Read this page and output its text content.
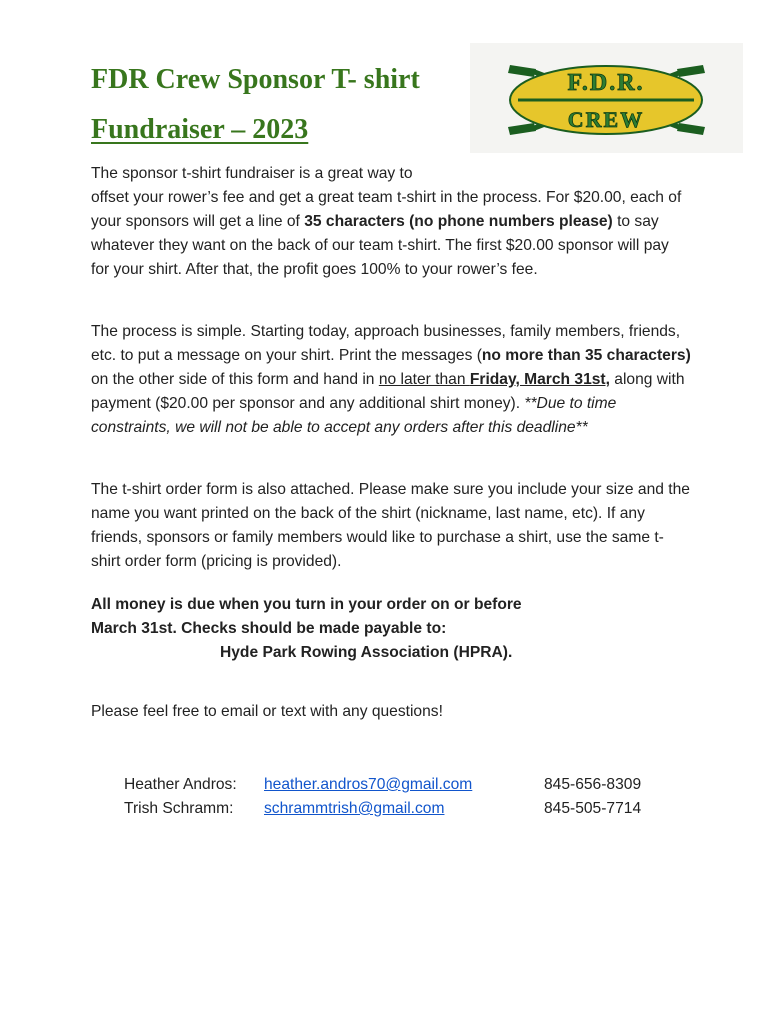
FDR Crew Sponsor T- shirt
Fundraiser – 2023
F.D.R.
CREW
The sponsor t-shirt fundraiser is a great way to
offset your rower’s fee and get a great team t-shirt in the process. For $20.00, each of your sponsors will get a line of 35 characters (no phone numbers please) to say whatever they want on the back of our team t-shirt. The first $20.00 sponsor will pay for your shirt. After that, the profit goes 100% to your rower’s fee.
The process is simple. Starting today, approach businesses, family members, friends, etc. to put a message on your shirt. Print the messages (no more than 35 characters) on the other side of this form and hand in no later than Friday, March 31st, along with payment ($20.00 per sponsor and any additional shirt money). **Due to time constraints, we will not be able to accept any orders after this deadline**
The t-shirt order form is also attached. Please make sure you include your size and the name you want printed on the back of the shirt (nickname, last name, etc). If any friends, sponsors or family members would like to purchase a shirt, use the same t-shirt order form (pricing is provided).
All money is due when you turn in your order on or before
March 31st. Checks should be made payable to:

Hyde Park Rowing Association (HPRA).
Please feel free to email or text with any questions!
Heather Andros: heather.andros70@gmail.com	845-656-8309
Trish Schramm: schrammtrish@gmail.com	845-505-7714
